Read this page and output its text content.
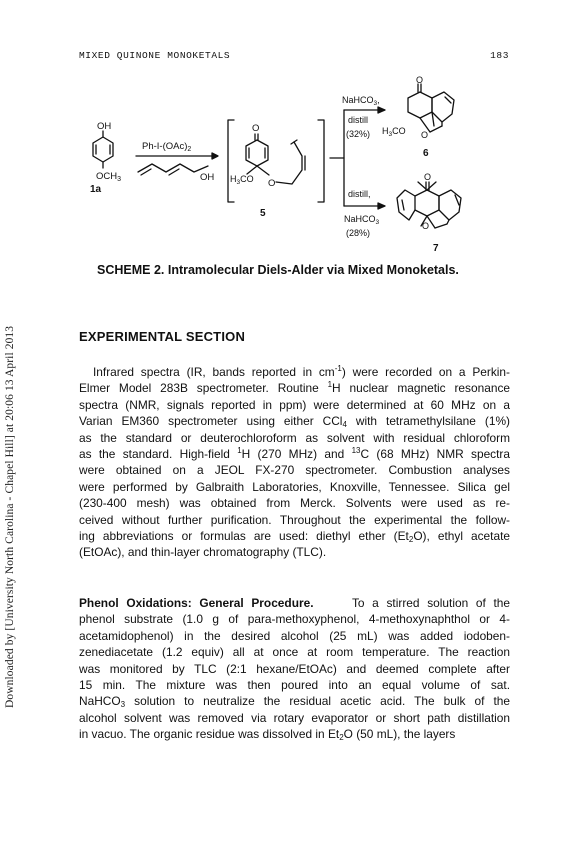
Downloaded by [University North Carolina - Chapel Hill] at 20:06 13 April 2013
MIXED QUINONE MONOKETALS	183
OH
$OCH_3$
1a
$Ph-I-(OAc)_2$
OH
O
$H_3CO$ O
5
NaHCO$_3$,
distill
(32%)
O
$H_3CO$ O
6
distill,
NaHCO$_3$
(28%)
O
O
7
SCHEME 2. Intramolecular Diels-Alder via Mixed Monoketals.
EXPERIMENTAL SECTION
Infrared spectra (IR, bands reported in $cm^{-1}$) were recorded on a Perkin-
Elmer Model 283B spectrometer. Routine $^1$H nuclear magnetic resonance
spectra (NMR, signals reported in ppm) were determined at 60 MHz on a
Varian EM360 spectrometer using either CCl$_4$ with tetramethylsilane (1%)
as the standard or deuterochloroform as solvent with residual chloroform
as the standard. High-field $^1$H (270 MHz) and $^{13}$C (68 MHz) NMR spectra
were obtained on a JEOL FX-270 spectrometer. Combustion analyses
were performed by Galbraith Laboratories, Knoxville, Tennessee. Silica gel
(230-400 mesh) was obtained from Merck. Solvents were used as re-
ceived without further purification. Throughout the experimental the follow-
ing abbreviations or formulas are used: diethyl ether $(Et_2O)$, ethyl acetate
(EtOAc), and thin-layer chromatography (TLC).
Phenol Oxidations: General Procedure.	To a stirred solution of the
phenol substrate (1.0 g of para-methoxyphenol, 4-methoxynaphthol or 4-
acetamidophenol) in the desired alcohol (25 mL) was added iodoben-
zenediacetate (1.2 equiv) all at once at room temperature. The reaction
was monitored by TLC (2:1 hexane/EtOAc) and deemed complete after
15 min. The mixture was then poured into an equal volume of sat.
NaHCO$_3$ solution to neutralize the residual acetic acid. The bulk of the
alcohol solvent was removed via rotary evaporator or short path distillation
in vacuo. The organic residue was dissolved in $Et_2O$ (50 mL), the layers
